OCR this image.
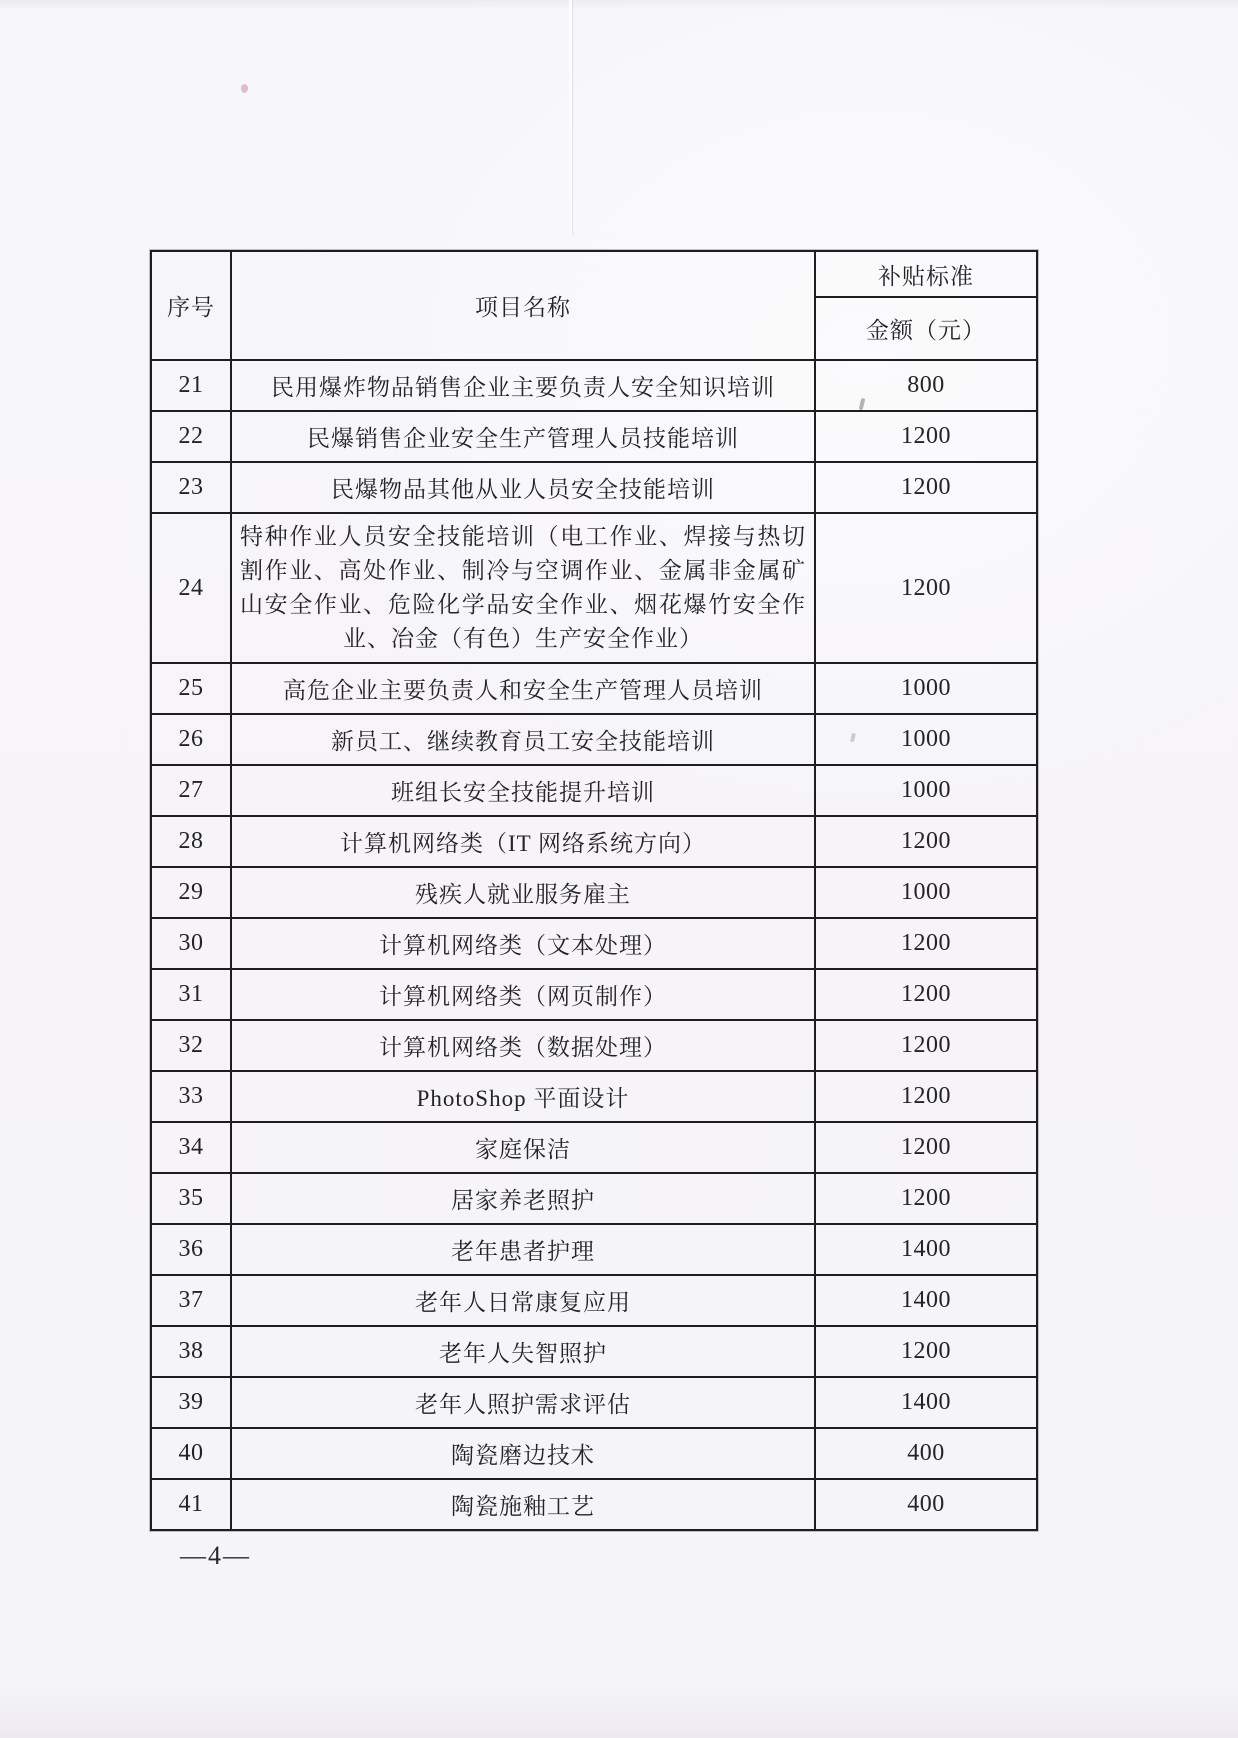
序号	项目名称	补贴标准
		金额（元）
21	民用爆炸物品销售企业主要负责人安全知识培训	800
22	民爆销售企业安全生产管理人员技能培训	1200
23	民爆物品其他从业人员安全技能培训	1200
24	特种作业人员安全技能培训（电工作业、焊接与热切割作业、高处作业、制冷与空调作业、金属非金属矿山安全作业、危险化学品安全作业、烟花爆竹安全作业、冶金（有色）生产安全作业）	1200
25	高危企业主要负责人和安全生产管理人员培训	1000
26	新员工、继续教育员工安全技能培训	1000
27	班组长安全技能提升培训	1000
28	计算机网络类（IT 网络系统方向）	1200
29	残疾人就业服务雇主	1000
30	计算机网络类（文本处理）	1200
31	计算机网络类（网页制作）	1200
32	计算机网络类（数据处理）	1200
33	PhotoShop 平面设计	1200
34	家庭保洁	1200
35	居家养老照护	1200
36	老年患者护理	1400
37	老年人日常康复应用	1400
38	老年人失智照护	1200
39	老年人照护需求评估	1400
40	陶瓷磨边技术	400
41	陶瓷施釉工艺	400
—4—
